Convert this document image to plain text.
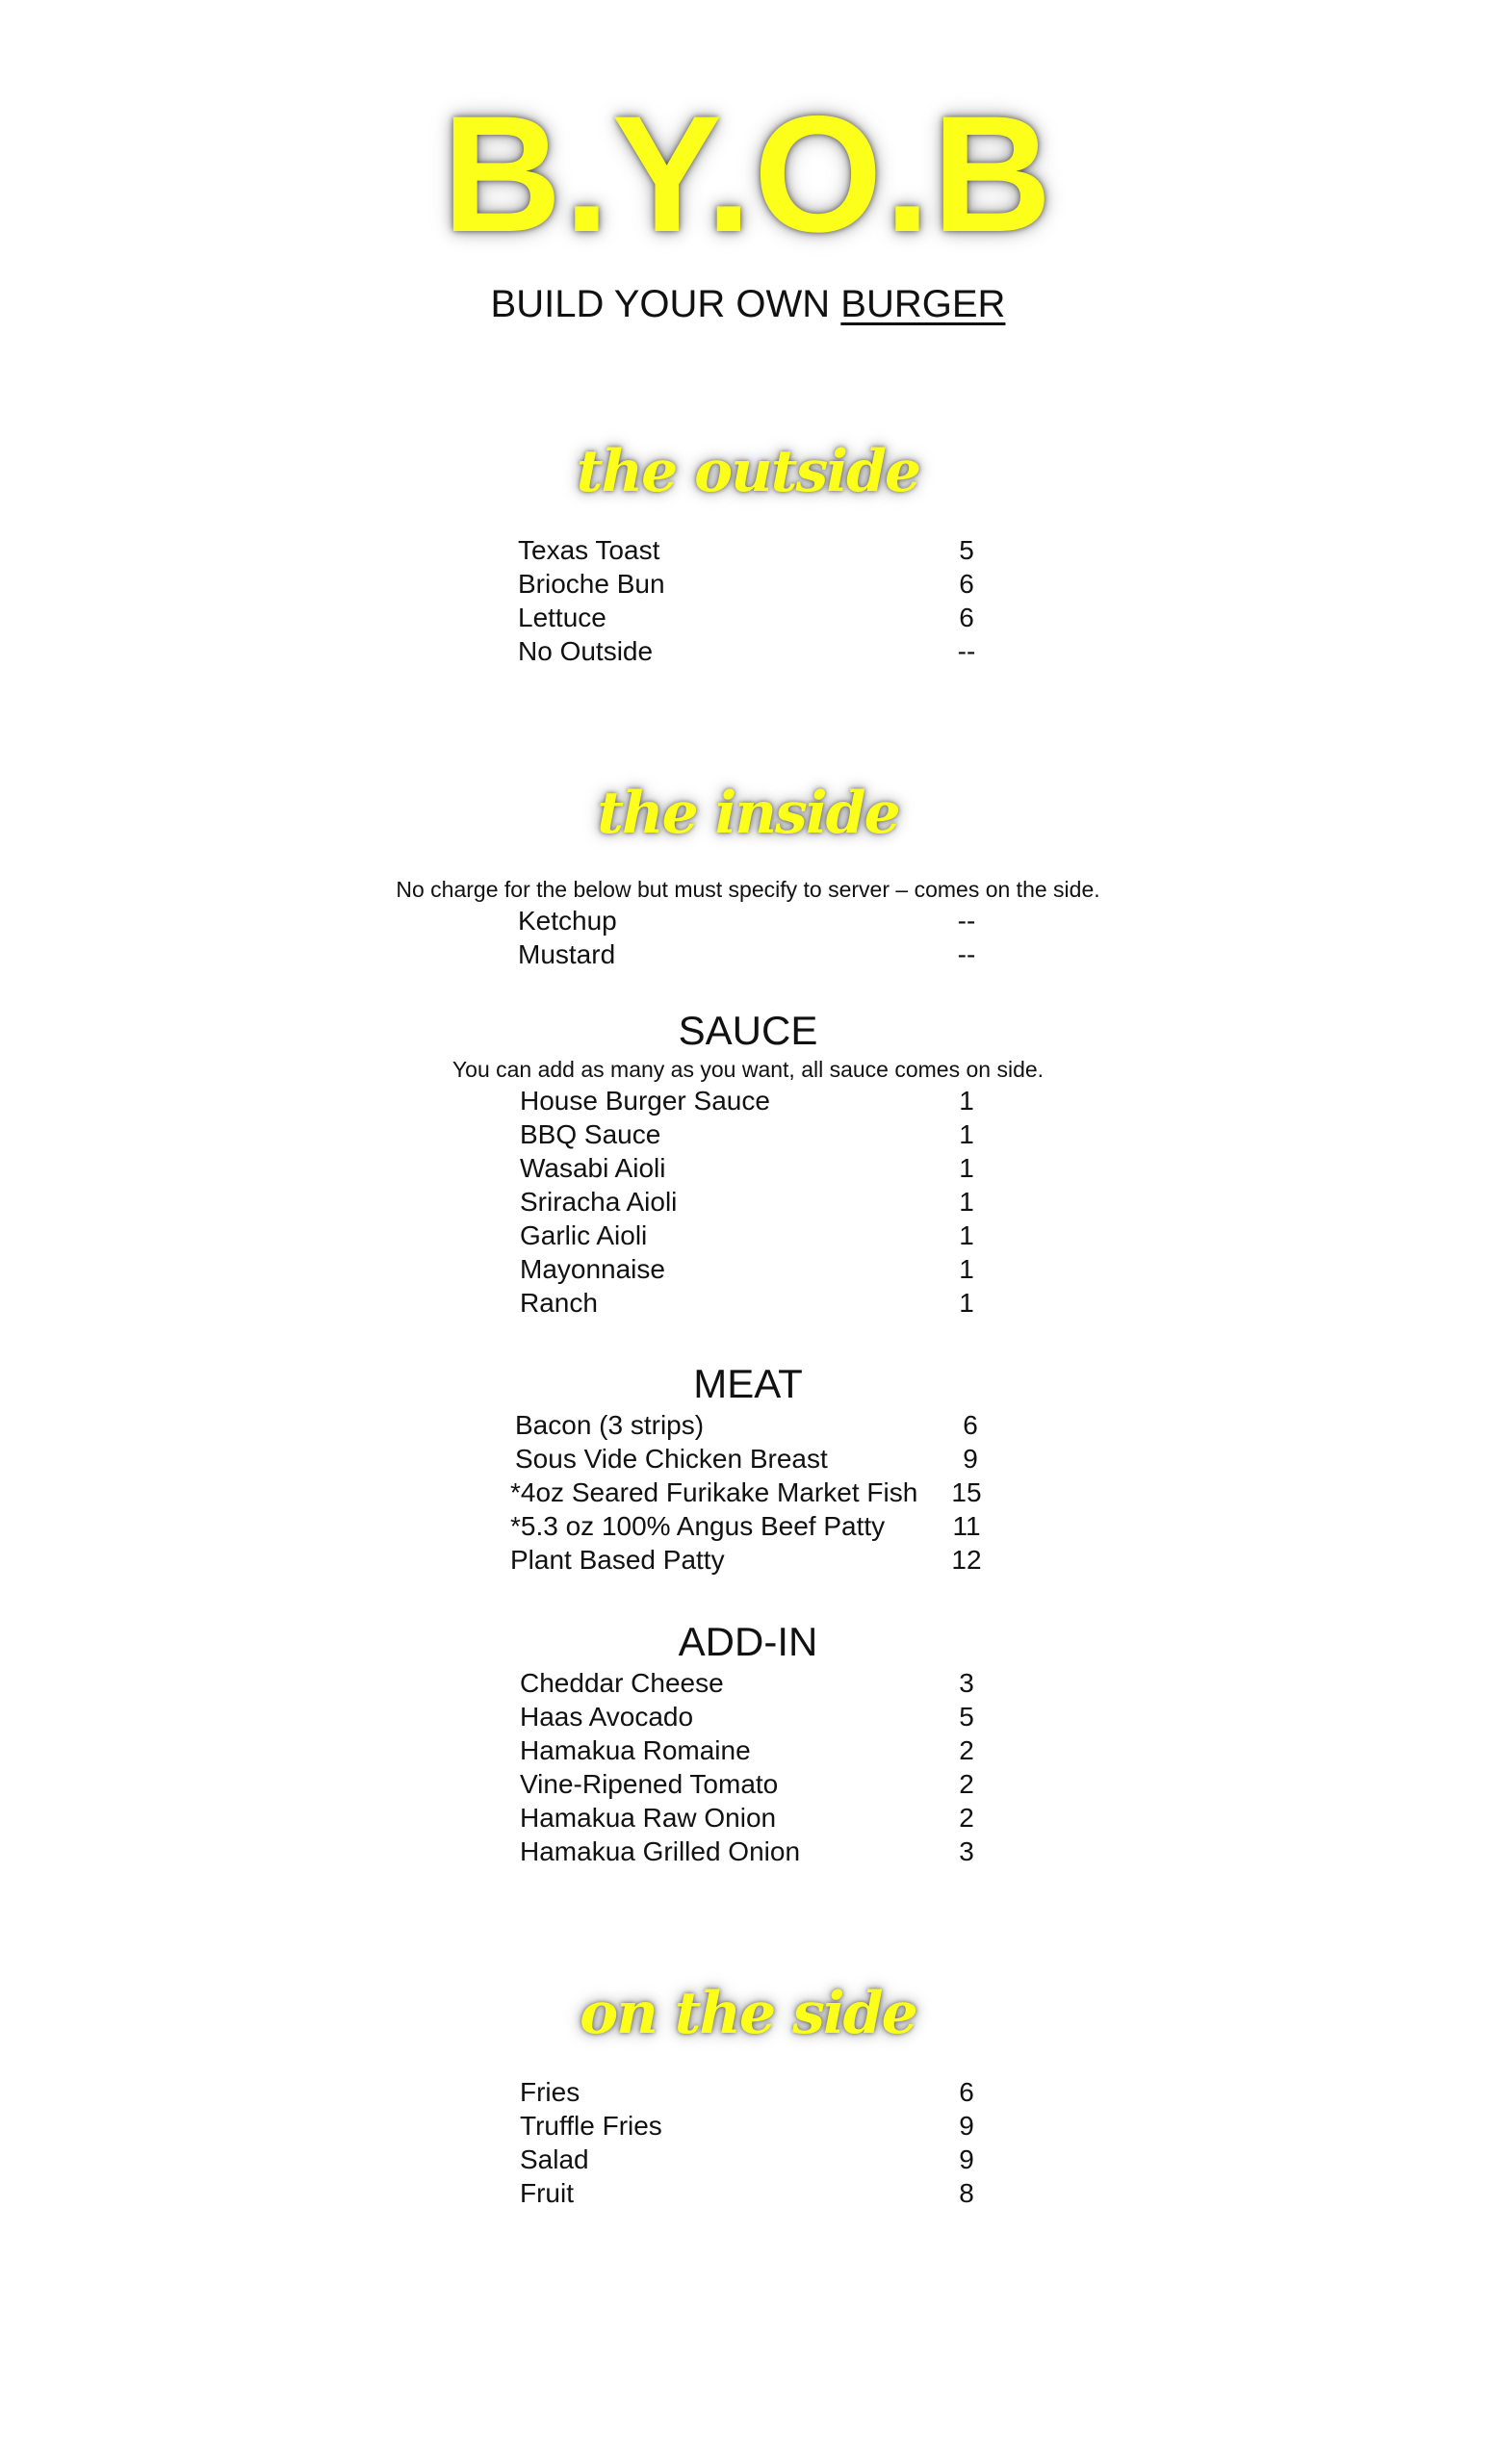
B.Y.O.B
BUILD YOUR OWN BURGER
the outside
Texas Toast	5
Brioche Bun	6
Lettuce	6
No Outside	--
the inside
No charge for the below but must specify to server – comes on the side.
Ketchup	--
Mustard	--
SAUCE
You can add as many as you want, all sauce comes on side.
House Burger Sauce	1
BBQ Sauce	1
Wasabi Aioli	1
Sriracha Aioli	1
Garlic Aioli	1
Mayonnaise	1
Ranch	1
MEAT
Bacon (3 strips)	6
Sous Vide Chicken Breast	9
*4oz Seared Furikake Market Fish	15
*5.3 oz 100% Angus Beef Patty	11
Plant Based Patty	12
ADD-IN
Cheddar Cheese	3
Haas Avocado	5
Hamakua Romaine	2
Vine-Ripened Tomato	2
Hamakua Raw Onion	2
Hamakua Grilled Onion	3
on the side
Fries	6
Truffle Fries	9
Salad	9
Fruit	8
